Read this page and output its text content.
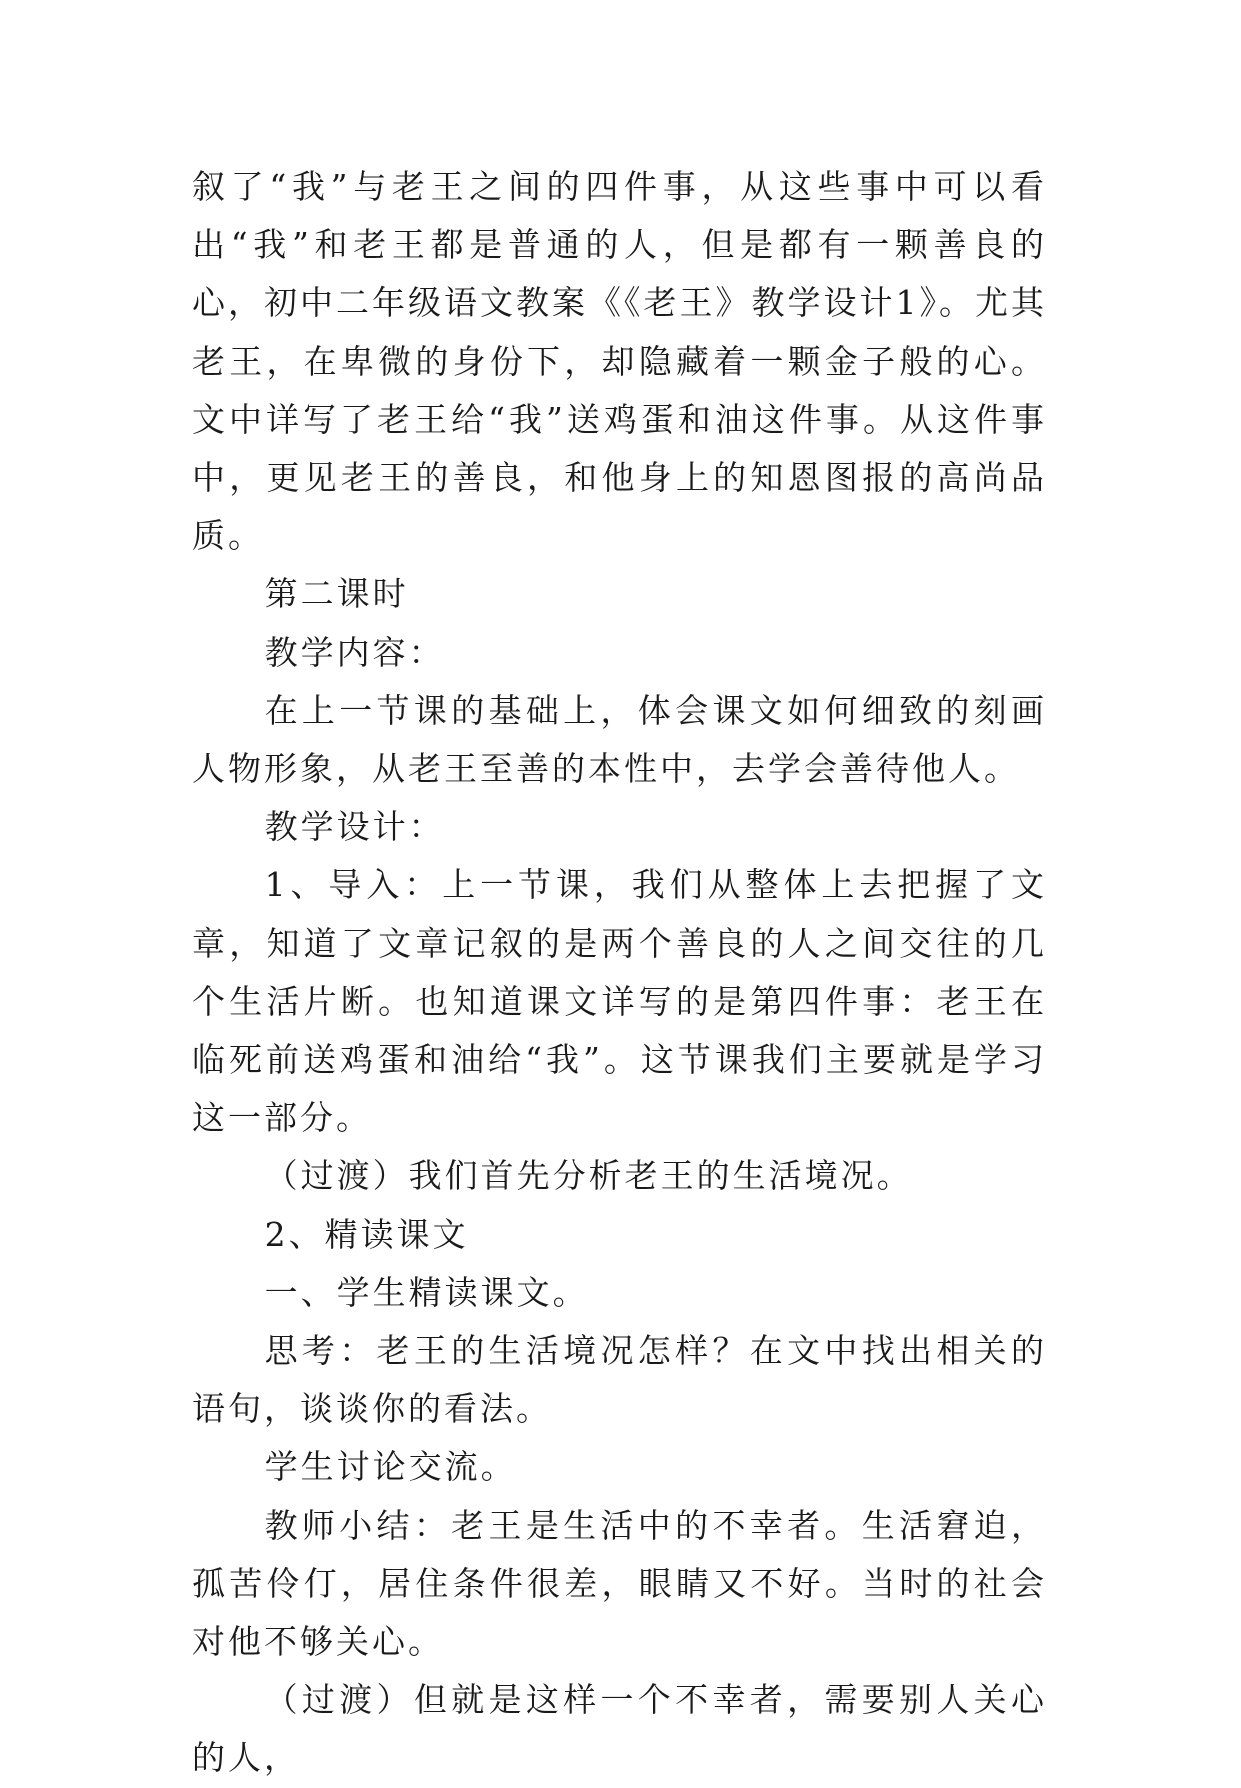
叙了“我”与老王之间的四件事，从这些事中可以看出“我”和老王都是普通的人，但是都有一颗善良的心，初中二年级语文教案《《老王》教学设计1》。尤其老王，在卑微的身份下，却隐藏着一颗金子般的心。文中详写了老王给“我”送鸡蛋和油这件事。从这件事中，更见老王的善良，和他身上的知恩图报的高尚品质。

第二课时

教学内容：

在上一节课的基础上，体会课文如何细致的刻画人物形象，从老王至善的本性中，去学会善待他人。

教学设计：

1、导入：上一节课，我们从整体上去把握了文章，知道了文章记叙的是两个善良的人之间交往的几个生活片断。也知道课文详写的是第四件事：老王在临死前送鸡蛋和油给“我”。这节课我们主要就是学习这一部分。

（过渡）我们首先分析老王的生活境况。

2、精读课文

一、学生精读课文。

思考：老王的生活境况怎样？在文中找出相关的语句，谈谈你的看法。

学生讨论交流。

教师小结：老王是生活中的不幸者。生活窘迫，孤苦伶仃，居住条件很差，眼睛又不好。当时的社会对他不够关心。

（过渡）但就是这样一个不幸者，需要别人关心的人，
